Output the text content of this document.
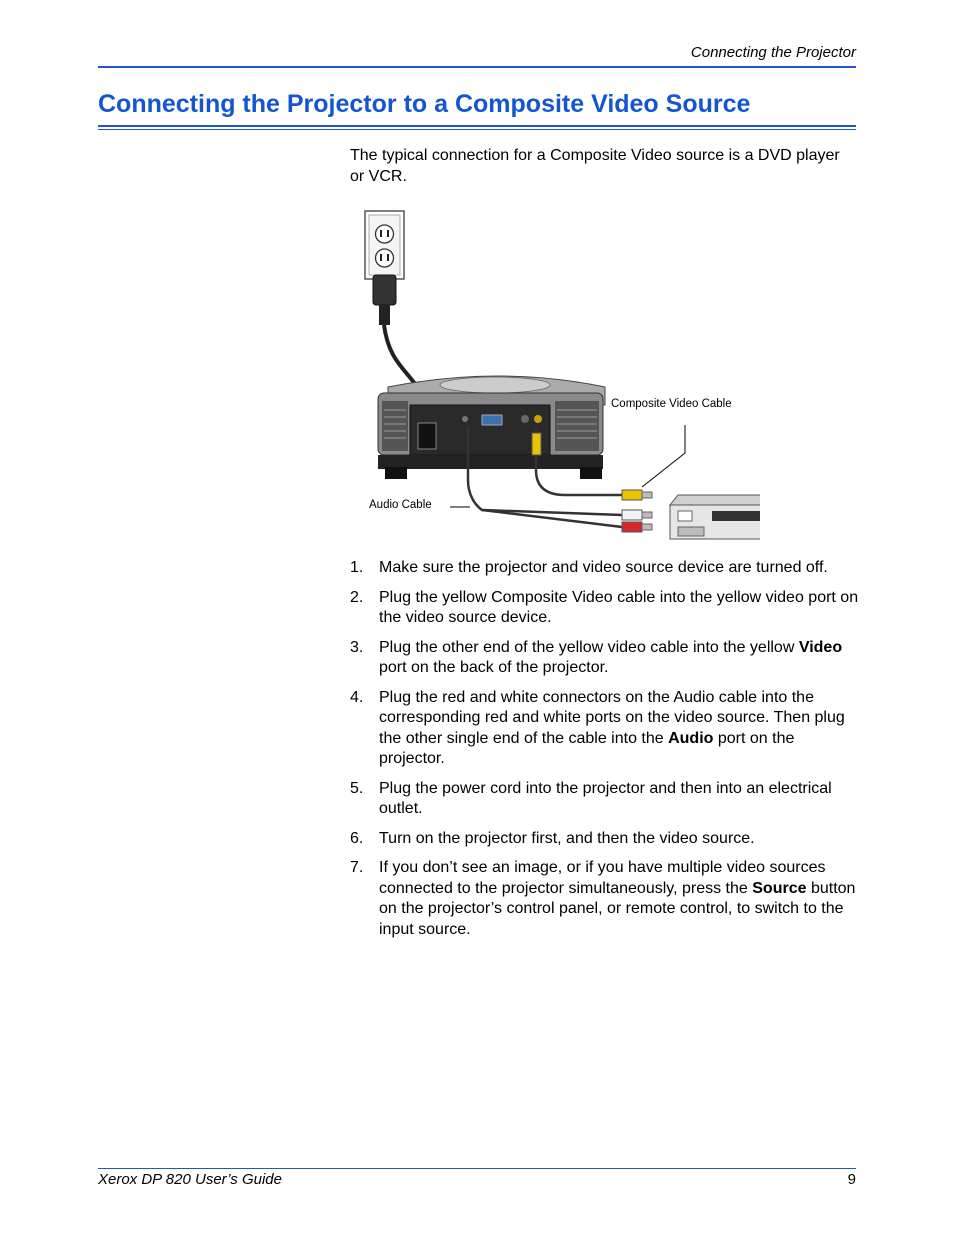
Connecting the Projector
Connecting the Projector to a Composite Video Source

The typical connection for a Composite Video source is a DVD player or VCR.

Composite Video Cable
Audio Cable
1. Make sure the projector and video source device are turned off.
2. Plug the yellow Composite Video cable into the yellow video port on the video source device.
3. Plug the other end of the yellow video cable into the yellow Video port on the back of the projector.
4. Plug the red and white connectors on the Audio cable into the corresponding red and white ports on the video source. Then plug the other single end of the cable into the Audio port on the projector.
5. Plug the power cord into the projector and then into an electrical outlet.
6. Turn on the projector first, and then the video source.
7. If you don’t see an image, or if you have multiple video sources connected to the projector simultaneously, press the Source button on the projector’s control panel, or remote control, to switch to the input source.
Xerox DP 820 User’s Guide	9
